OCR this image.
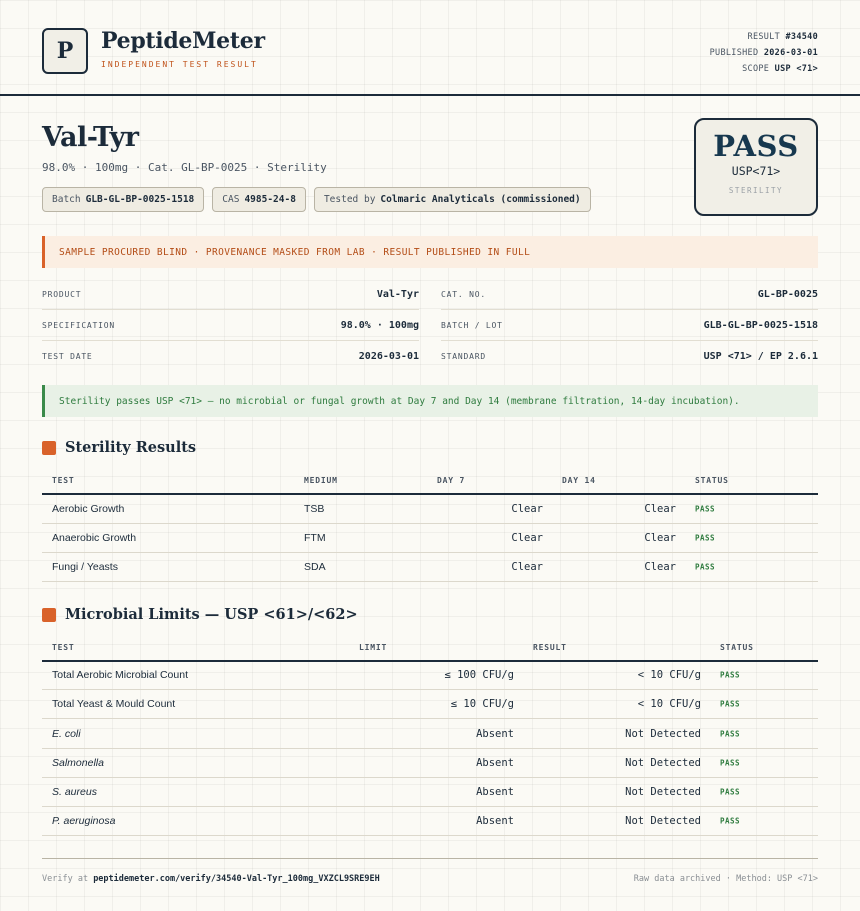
P	PeptideMeter
INDEPENDENT TEST RESULT
RESULT #34540
PUBLISHED 2026-03-01
SCOPE USP <71>
Val-Tyr
98.0% · 100mg · Cat. GL-BP-0025 · Sterility
Batch GLB-GL-BP-0025-1518	CAS 4985-24-8	Tested by Colmaric Analyticals (commissioned)
PASS
USP<71>
STERILITY
SAMPLE PROCURED BLIND · PROVENANCE MASKED FROM LAB · RESULT PUBLISHED IN FULL
PRODUCT	Val-Tyr
SPECIFICATION	98.0% · 100mg
TEST DATE	2026-03-01
CAT. NO.	GL-BP-0025
BATCH / LOT	GLB-GL-BP-0025-1518
STANDARD	USP <71> / EP 2.6.1
Sterility passes USP <71> — no microbial or fungal growth at Day 7 and Day 14 (membrane filtration, 14-day incubation).
Sterility Results
TEST	MEDIUM	DAY 7	DAY 14	STATUS
Aerobic Growth	TSB	Clear	Clear	PASS
Anaerobic Growth	FTM	Clear	Clear	PASS
Fungi / Yeasts	SDA	Clear	Clear	PASS
Microbial Limits — USP <61>/<62>
TEST	LIMIT	RESULT	STATUS
Total Aerobic Microbial Count	≤ 100 CFU/g	< 10 CFU/g	PASS
Total Yeast & Mould Count	≤ 10 CFU/g	< 10 CFU/g	PASS
E. coli	Absent	Not Detected	PASS
Salmonella	Absent	Not Detected	PASS
S. aureus	Absent	Not Detected	PASS
P. aeruginosa	Absent	Not Detected	PASS
Verify at peptidemeter.com/verify/34540-Val-Tyr_100mg_VXZCL9SRE9EH	Raw data archived · Method: USP <71>
